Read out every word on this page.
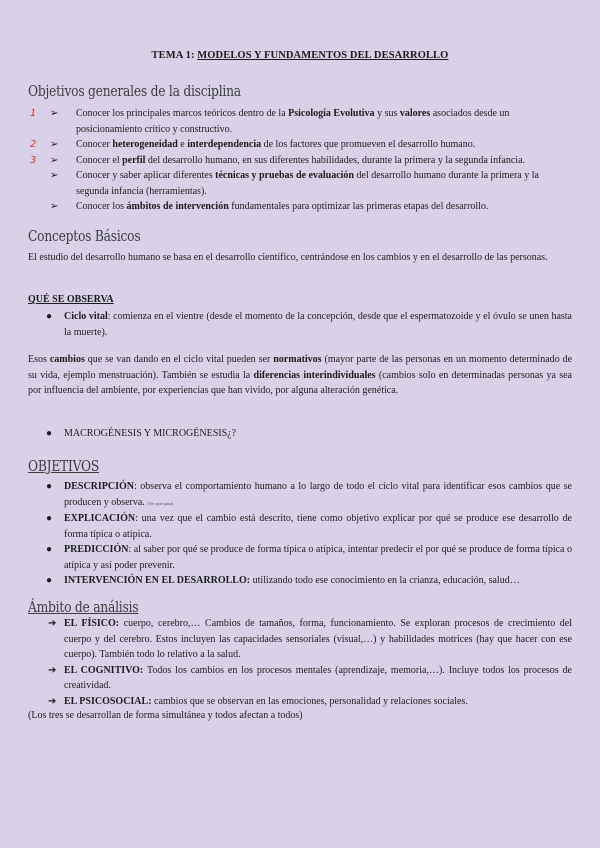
TEMA 1: MODELOS Y FUNDAMENTOS DEL DESARROLLO
Objetivos generales de la disciplina
1 ➢ Conocer los principales marcos teóricos dentro de la Psicología Evolutiva y sus valores asociados desde un posicionamiento crítico y constructivo.
2 ➢ Conocer heterogeneidad e interdependencia de los factores que promueven el desarrollo humano.
3 ➢ Conocer el perfil del desarrollo humano, en sus diferentes habilidades, durante la primera y la segunda infancia.
➢ Conocer y saber aplicar diferentes técnicas y pruebas de evaluación del desarrollo humano durante la primera y la segunda infancia (herramientas).
➢ Conocer los ámbitos de intervención fundamentales para optimizar las primeras etapas del desarrollo.
Conceptos Básicos
El estudio del desarrollo humano se basa en el desarrollo científico, centrándose en los cambios y en el desarrollo de las personas.
QUÉ SE OBSERVA
● Ciclo vital: comienza en el vientre (desde el momento de la concepción, desde que el espermatozoide y el óvulo se unen hasta la muerte).
Esos cambios que se van dando en el ciclo vital pueden ser normativos (mayor parte de las personas en un momento determinado de su vida, ejemplo menstruación). También se estudia la diferencias interindividuales (cambios solo en determinadas personas ya sea por influencia del ambiente, por experiencias que han vivido, por alguna alteración genética.
● MACROGÉNESIS Y MICROGÉNESIS¿?
OBJETIVOS
● DESCRIPCIÓN: observa el comportamiento humano a lo largo de todo el ciclo vital para identificar esos cambios que se producen y observa. (Ver qué pasa)
● EXPLICACIÓN: una vez que el cambio está descrito, tiene como objetivo explicar por qué se produce ese desarrollo de forma típica o atípica.
● PREDICCIÓN: al saber por qué se produce de forma típica o atípica, intentar predecir el por qué se produce de forma típica o atípica y así poder prevenir.
● INTERVENCIÓN EN EL DESARROLLO: utilizando todo ese conocimiento en la crianza, educación, salud…
Ámbito de análisis
➔ EL FÍSICO: cuerpo, cerebro,… Cambios de tamaños, forma, funcionamiento. Se exploran procesos de crecimiento del cuerpo y del cerebro. Estos incluyen las capacidades sensoriales (visual,…) y habilidades motrices (hay que hacer con ese cuerpo). También todo lo relativo a la salud.
➔ EL COGNITIVO: Todos los cambios en los procesos mentales (aprendizaje, memoria,…). Incluye todos los procesos de creatividad.
➔ EL PSICOSOCIAL: cambios que se observan en las emociones, personalidad y relaciones sociales.
(Los tres se desarrollan de forma simultánea y todos afectan a todos)
